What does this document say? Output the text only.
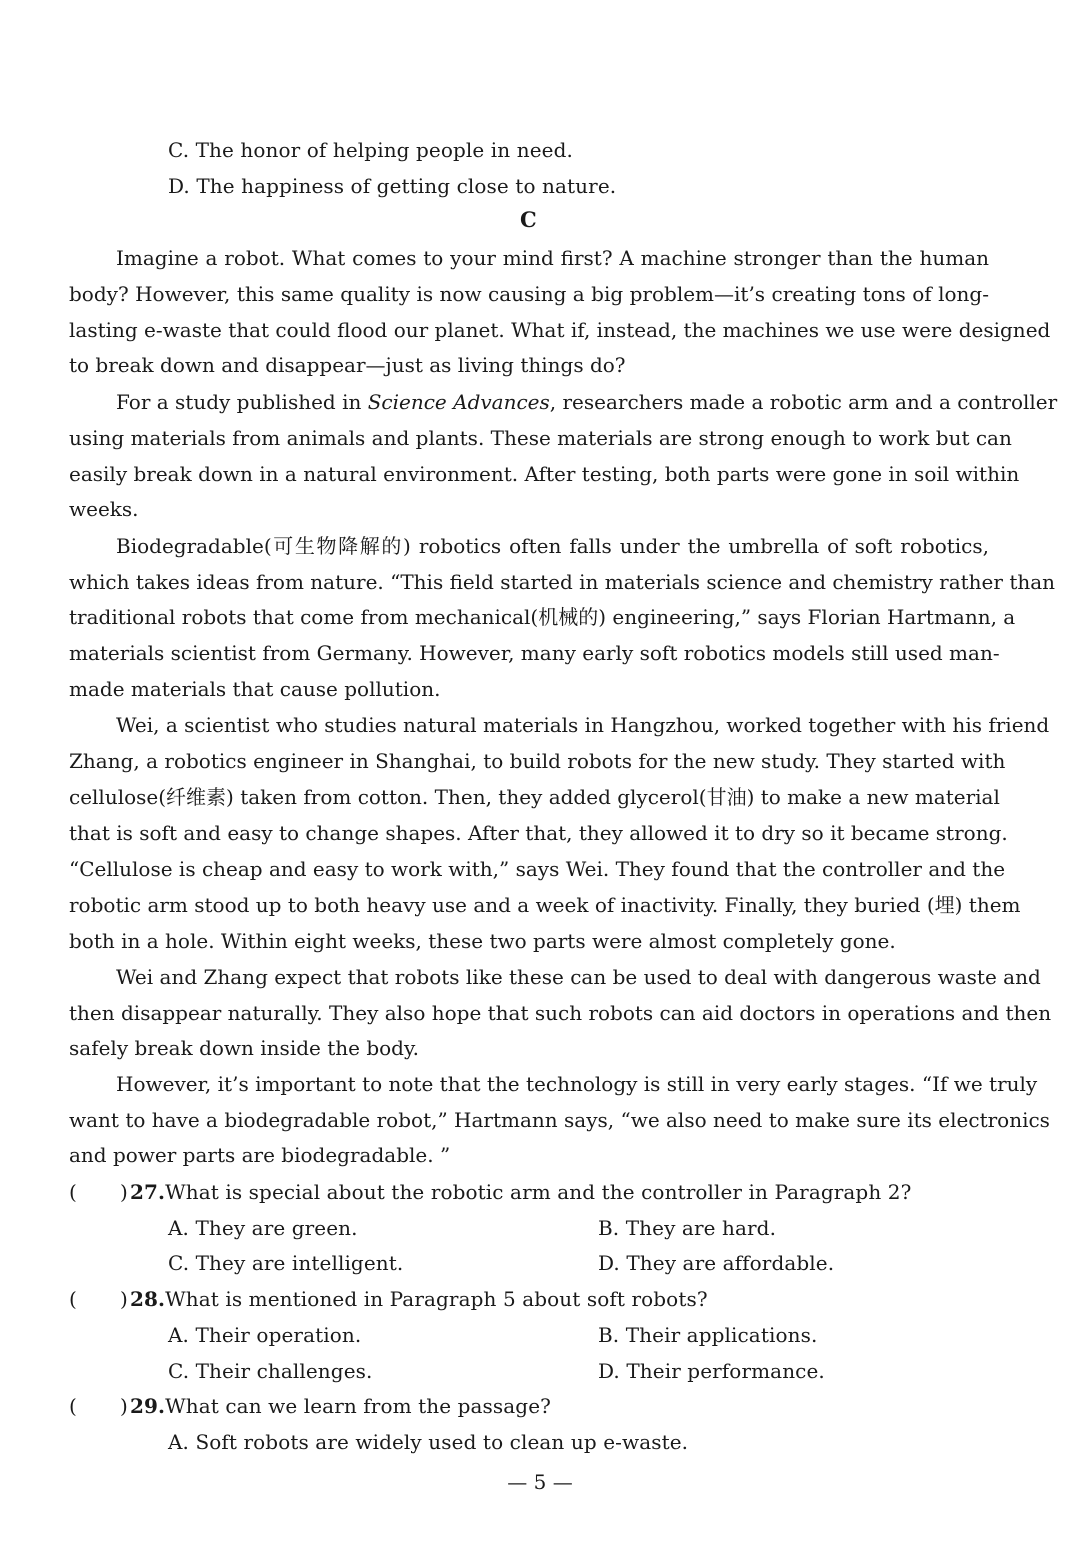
C. The honor of helping people in need.
D. The happiness of getting close to nature.
C
Imagine a robot. What comes to your mind first? A machine stronger than the human
body? However, this same quality is now causing a big problem—it’s creating tons of long-
lasting e-waste that could flood our planet. What if, instead, the machines we use were designed
to break down and disappear—just as living things do?
For a study published in Science Advances, researchers made a robotic arm and a controller
using materials from animals and plants. These materials are strong enough to work but can
easily break down in a natural environment. After testing, both parts were gone in soil within
weeks.
Biodegradable(可生物降解的) robotics often falls under the umbrella of soft robotics,
which takes ideas from nature. “This field started in materials science and chemistry rather than
traditional robots that come from mechanical(机械的) engineering,” says Florian Hartmann, a
materials scientist from Germany. However, many early soft robotics models still used man-
made materials that cause pollution.
Wei, a scientist who studies natural materials in Hangzhou, worked together with his friend
Zhang, a robotics engineer in Shanghai, to build robots for the new study. They started with
cellulose(纤维素) taken from cotton. Then, they added glycerol(甘油) to make a new material
that is soft and easy to change shapes. After that, they allowed it to dry so it became strong.
“Cellulose is cheap and easy to work with,” says Wei. They found that the controller and the
robotic arm stood up to both heavy use and a week of inactivity. Finally, they buried (埋) them
both in a hole. Within eight weeks, these two parts were almost completely gone.
Wei and Zhang expect that robots like these can be used to deal with dangerous waste and
then disappear naturally. They also hope that such robots can aid doctors in operations and then
safely break down inside the body.
However, it’s important to note that the technology is still in very early stages. “If we truly
want to have a biodegradable robot,” Hartmann says, “we also need to make sure its electronics
and power parts are biodegradable. ”
( ) 27.What is special about the robotic arm and the controller in Paragraph 2?
A. They are green.	B. They are hard.
C. They are intelligent.	D. They are affordable.
( ) 28.What is mentioned in Paragraph 5 about soft robots?
A. Their operation.	B. Their applications.
C. Their challenges.	D. Their performance.
( ) 29.What can we learn from the passage?
A. Soft robots are widely used to clean up e-waste.
— 5 —
